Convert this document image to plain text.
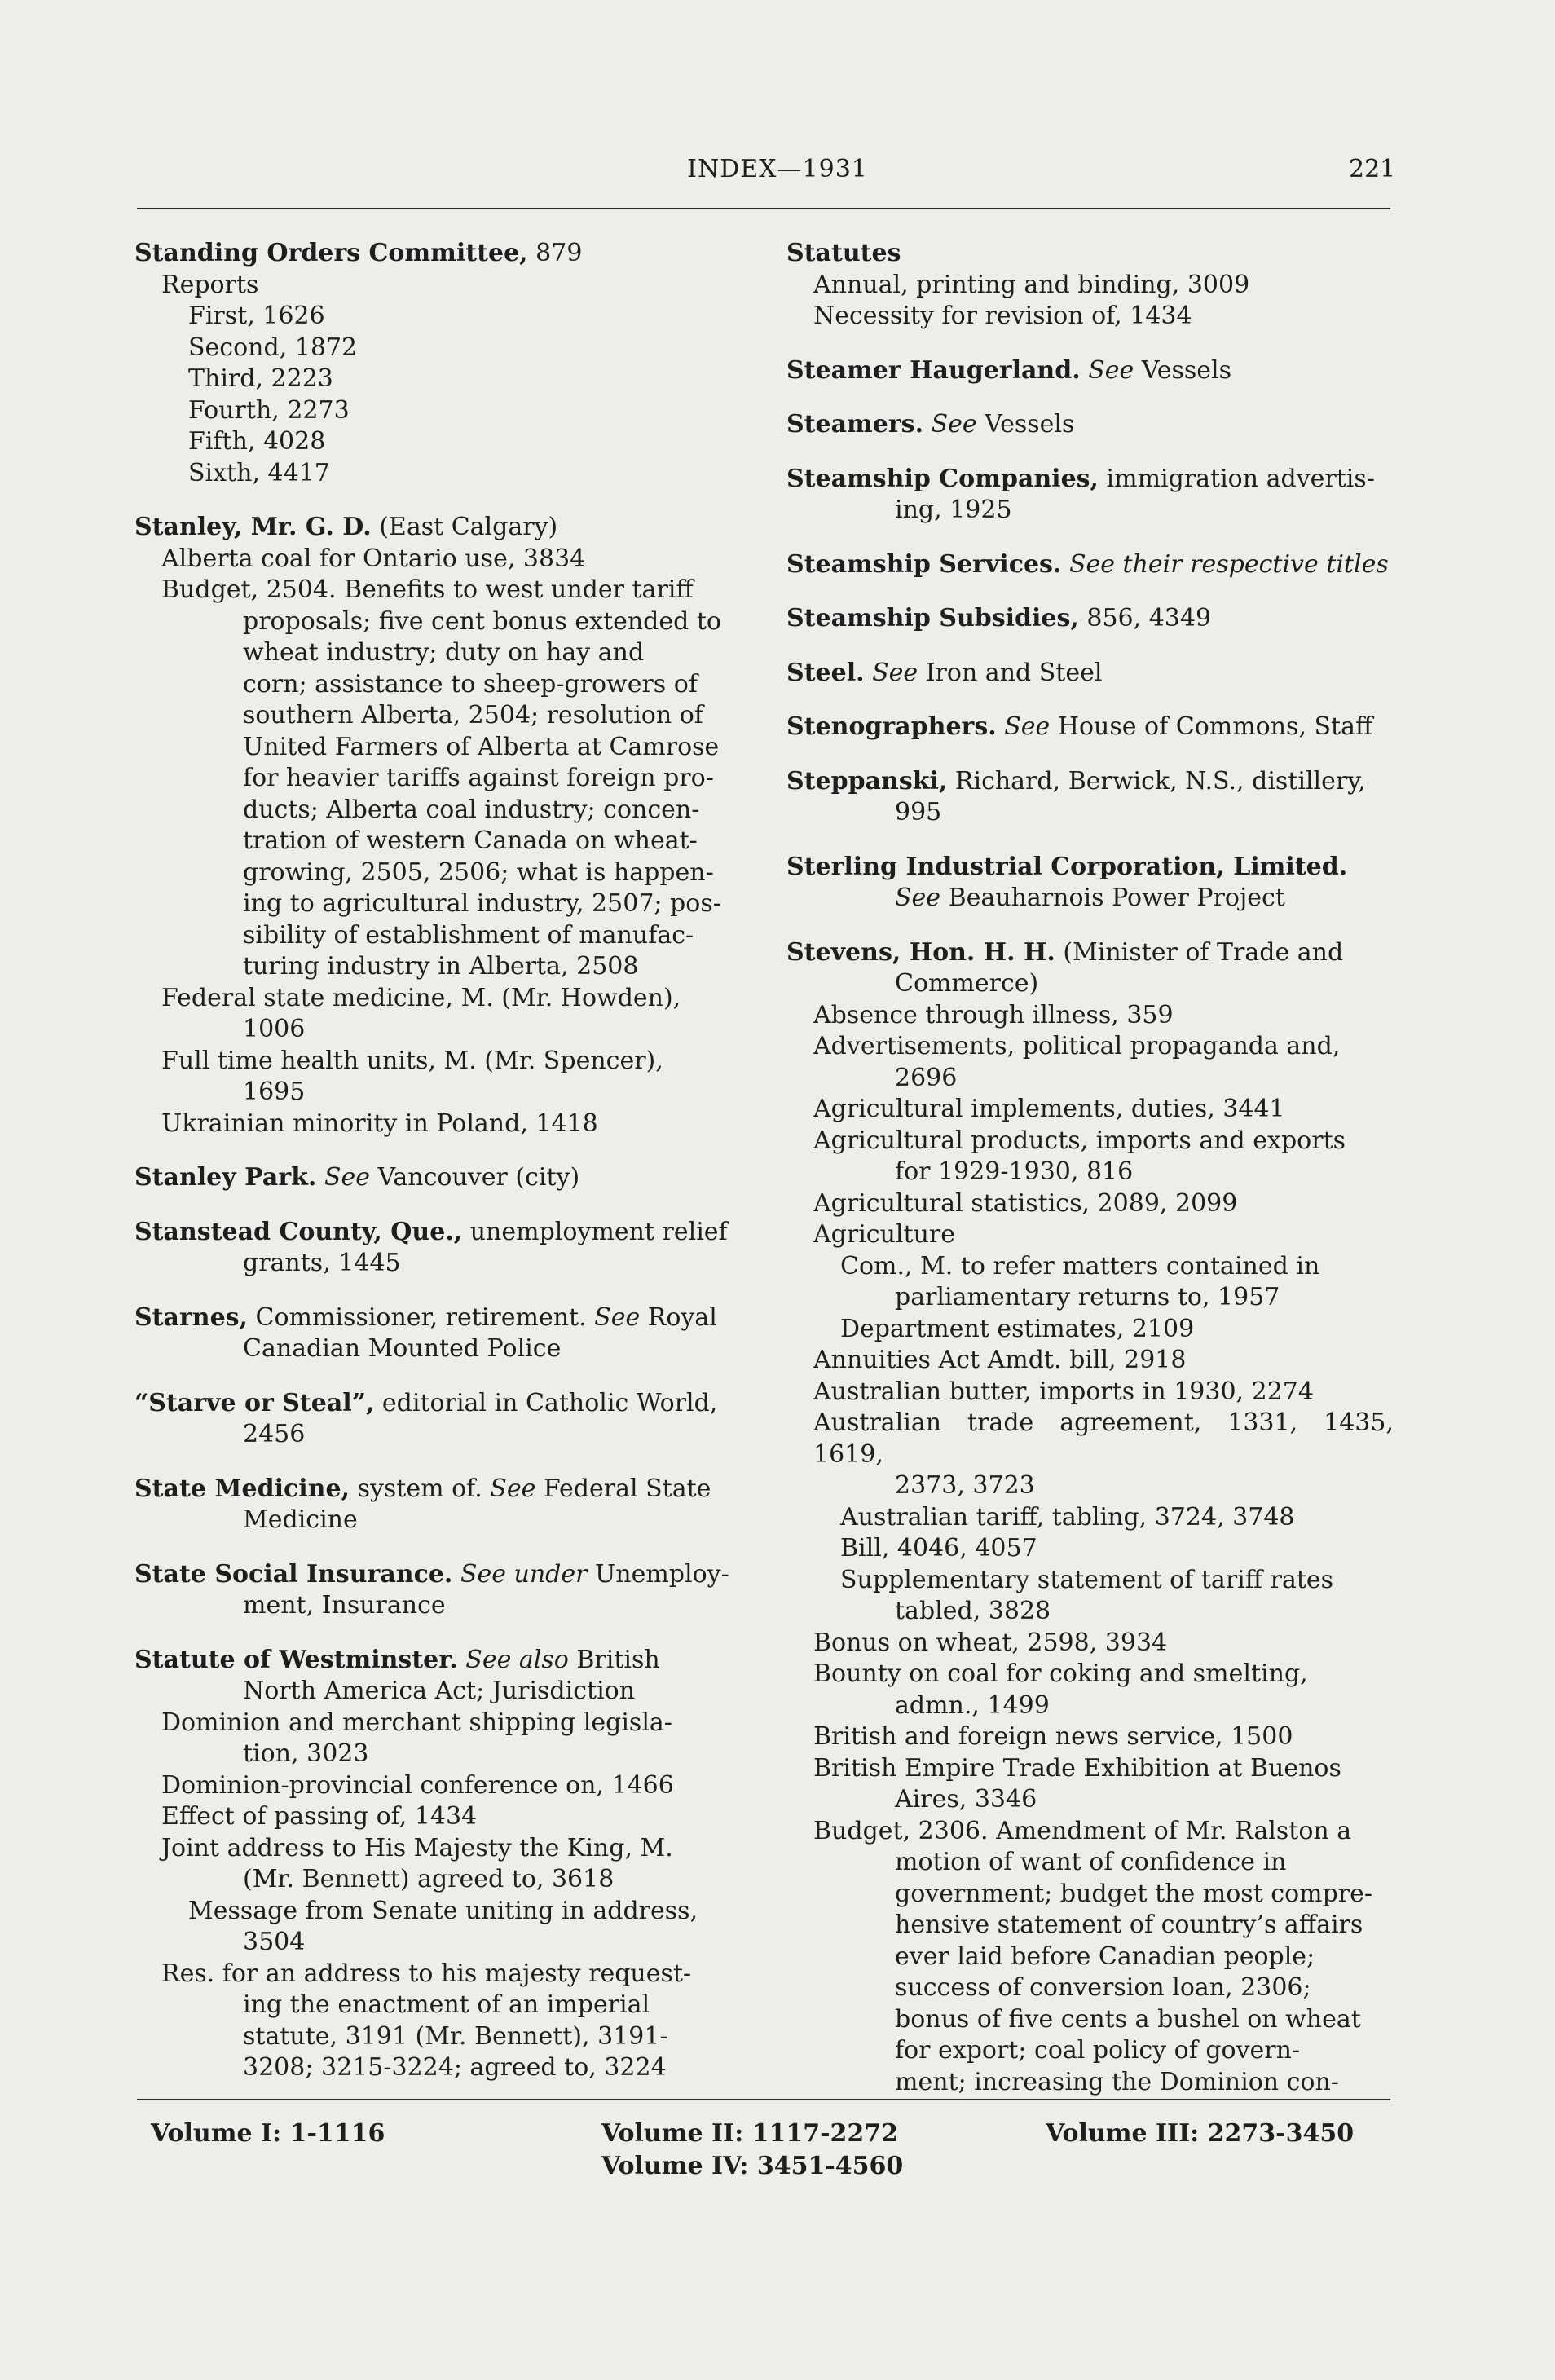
INDEX—1931	221
Standing Orders Committee, 879
Reports
First, 1626
Second, 1872
Third, 2223
Fourth, 2273
Fifth, 4028
Sixth, 4417
Stanley, Mr. G. D. (East Calgary)
Alberta coal for Ontario use, 3834
Budget, 2504. Benefits to west under tariff
proposals; five cent bonus extended to
wheat industry; duty on hay and
corn; assistance to sheep-growers of
southern Alberta, 2504; resolution of
United Farmers of Alberta at Camrose
for heavier tariffs against foreign pro-
ducts; Alberta coal industry; concen-
tration of western Canada on wheat-
growing, 2505, 2506; what is happen-
ing to agricultural industry, 2507; pos-
sibility of establishment of manufac-
turing industry in Alberta, 2508
Federal state medicine, M. (Mr. Howden),
1006
Full time health units, M. (Mr. Spencer),
1695
Ukrainian minority in Poland, 1418
Stanley Park. See Vancouver (city)
Stanstead County, Que., unemployment relief
grants, 1445
Starnes, Commissioner, retirement. See Royal
Canadian Mounted Police
“Starve or Steal”, editorial in Catholic World,
2456
State Medicine, system of. See Federal State
Medicine
State Social Insurance. See under Unemploy-
ment, Insurance
Statute of Westminster. See also British
North America Act; Jurisdiction
Dominion and merchant shipping legisla-
tion, 3023
Dominion-provincial conference on, 1466
Effect of passing of, 1434
Joint address to His Majesty the King, M.
(Mr. Bennett) agreed to, 3618
Message from Senate uniting in address,
3504
Res. for an address to his majesty request-
ing the enactment of an imperial
statute, 3191 (Mr. Bennett), 3191-
3208; 3215-3224; agreed to, 3224
Statutes
Annual, printing and binding, 3009
Necessity for revision of, 1434
Steamer Haugerland. See Vessels
Steamers. See Vessels
Steamship Companies, immigration advertis-
ing, 1925
Steamship Services. See their respective titles
Steamship Subsidies, 856, 4349
Steel. See Iron and Steel
Stenographers. See House of Commons, Staff
Steppanski, Richard, Berwick, N.S., distillery,
995
Sterling Industrial Corporation, Limited.
See Beauharnois Power Project
Stevens, Hon. H. H. (Minister of Trade and
Commerce)
Absence through illness, 359
Advertisements, political propaganda and,
2696
Agricultural implements, duties, 3441
Agricultural products, imports and exports
for 1929-1930, 816
Agricultural statistics, 2089, 2099
Agriculture
Com., M. to refer matters contained in
parliamentary returns to, 1957
Department estimates, 2109
Annuities Act Amdt. bill, 2918
Australian butter, imports in 1930, 2274
Australian trade agreement, 1331, 1435, 1619,
2373, 3723
Australian tariff, tabling, 3724, 3748
Bill, 4046, 4057
Supplementary statement of tariff rates
tabled, 3828
Bonus on wheat, 2598, 3934
Bounty on coal for coking and smelting,
admn., 1499
British and foreign news service, 1500
British Empire Trade Exhibition at Buenos
Aires, 3346
Budget, 2306. Amendment of Mr. Ralston a
motion of want of confidence in
government; budget the most compre-
hensive statement of country’s affairs
ever laid before Canadian people;
success of conversion loan, 2306;
bonus of five cents a bushel on wheat
for export; coal policy of govern-
ment; increasing the Dominion con-
Volume I: 1-1116	Volume II: 1117-2272	Volume III: 2273-3450
Volume IV: 3451-4560
